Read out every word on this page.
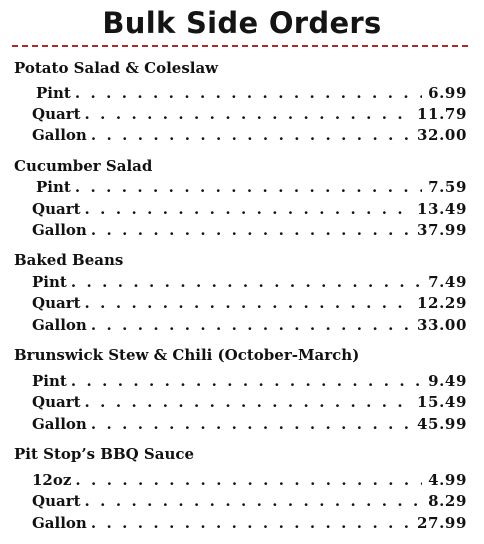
Bulk Side Orders
Potato Salad & Coleslaw
Pint . . .	6.99
Quart . . .	11.79
Gallon . . .	32.00
Cucumber Salad
Pint . . .	7.59
Quart . . .	13.49
Gallon . . .	37.99
Baked Beans
Pint . . .	7.49
Quart . . .	12.29
Gallon . . .	33.00
Brunswick Stew & Chili (October-March)
Pint . . .	9.49
Quart . . .	15.49
Gallon . . .	45.99
Pit Stop’s BBQ Sauce
12oz . . .	4.99
Quart . . .	8.29
Gallon . . .	27.99
